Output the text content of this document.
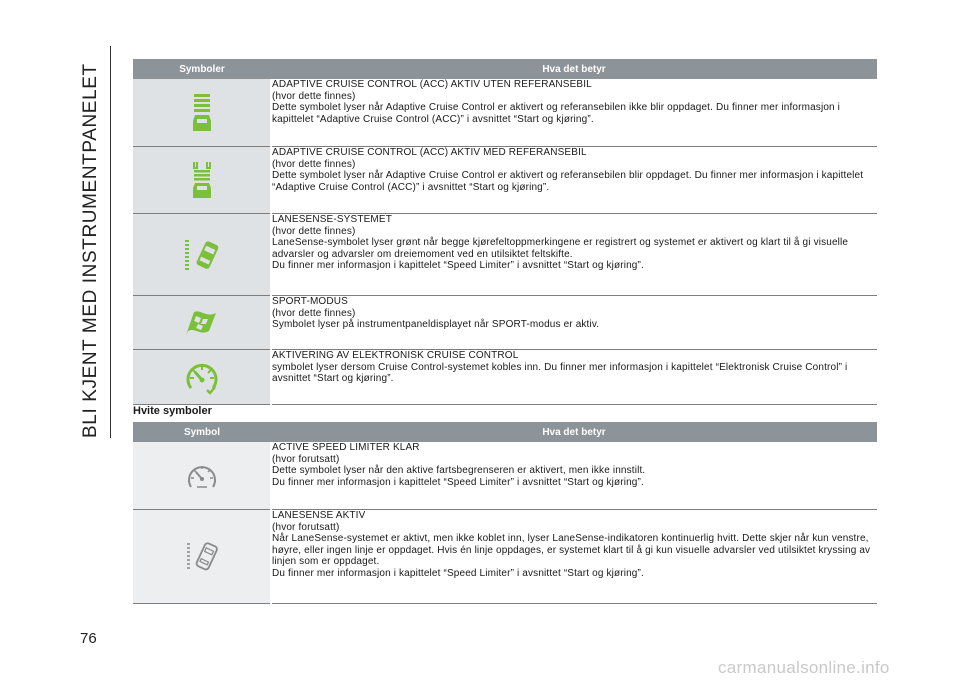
BLI KJENT MED INSTRUMENTPANELET	Symboler	Hva det betyr

ADAPTIVE CRUISE CONTROL (ACC) AKTIV UTEN REFERANSEBIL
(hvor dette finnes)
Dette symbolet lyser når Adaptive Cruise Control er aktivert og referansebilen ikke blir oppdaget. Du finner mer informasjon i kapittelet “Adaptive Cruise Control (ACC)” i avsnittet “Start og kjøring”.

ADAPTIVE CRUISE CONTROL (ACC) AKTIV MED REFERANSEBIL
(hvor dette finnes)
Dette symbolet lyser når Adaptive Cruise Control er aktivert og referansebilen blir oppdaget. Du finner mer informasjon i kapittelet “Adaptive Cruise Control (ACC)” i avsnittet “Start og kjøring”.

LANESENSE-SYSTEMET
(hvor dette finnes)
LaneSense-symbolet lyser grønt når begge kjørefeltoppmerkingene er registrert og systemet er aktivert og klart til å gi visuelle advarsler og advarsler om dreiemoment ved en utilsiktet feltskifte.
Du finner mer informasjon i kapittelet “Speed Limiter” i avsnittet “Start og kjøring”.

SPORT-MODUS
(hvor dette finnes)
Symbolet lyser på instrumentpaneldisplayet når SPORT-modus er aktiv.

AKTIVERING AV ELEKTRONISK CRUISE CONTROL
symbolet lyser dersom Cruise Control-systemet kobles inn. Du finner mer informasjon i kapittelet “Elektronisk Cruise Control” i avsnittet “Start og kjøring”.
Hvite symboler
Symbol	Hva det betyr

ACTIVE SPEED LIMITER KLAR
(hvor forutsatt)
Dette symbolet lyser når den aktive fartsbegrenseren er aktivert, men ikke innstilt.
Du finner mer informasjon i kapittelet “Speed Limiter” i avsnittet “Start og kjøring”.

LANESENSE AKTIV
(hvor forutsatt)
Når LaneSense-systemet er aktivt, men ikke koblet inn, lyser LaneSense-indikatoren kontinuerlig hvitt. Dette skjer når kun venstre, høyre, eller ingen linje er oppdaget. Hvis én linje oppdages, er systemet klart til å gi kun visuelle advarsler ved utilsiktet kryssing av linjen som er oppdaget.
Du finner mer informasjon i kapittelet “Speed Limiter” i avsnittet “Start og kjøring”.
76
carmanualsonline.info
